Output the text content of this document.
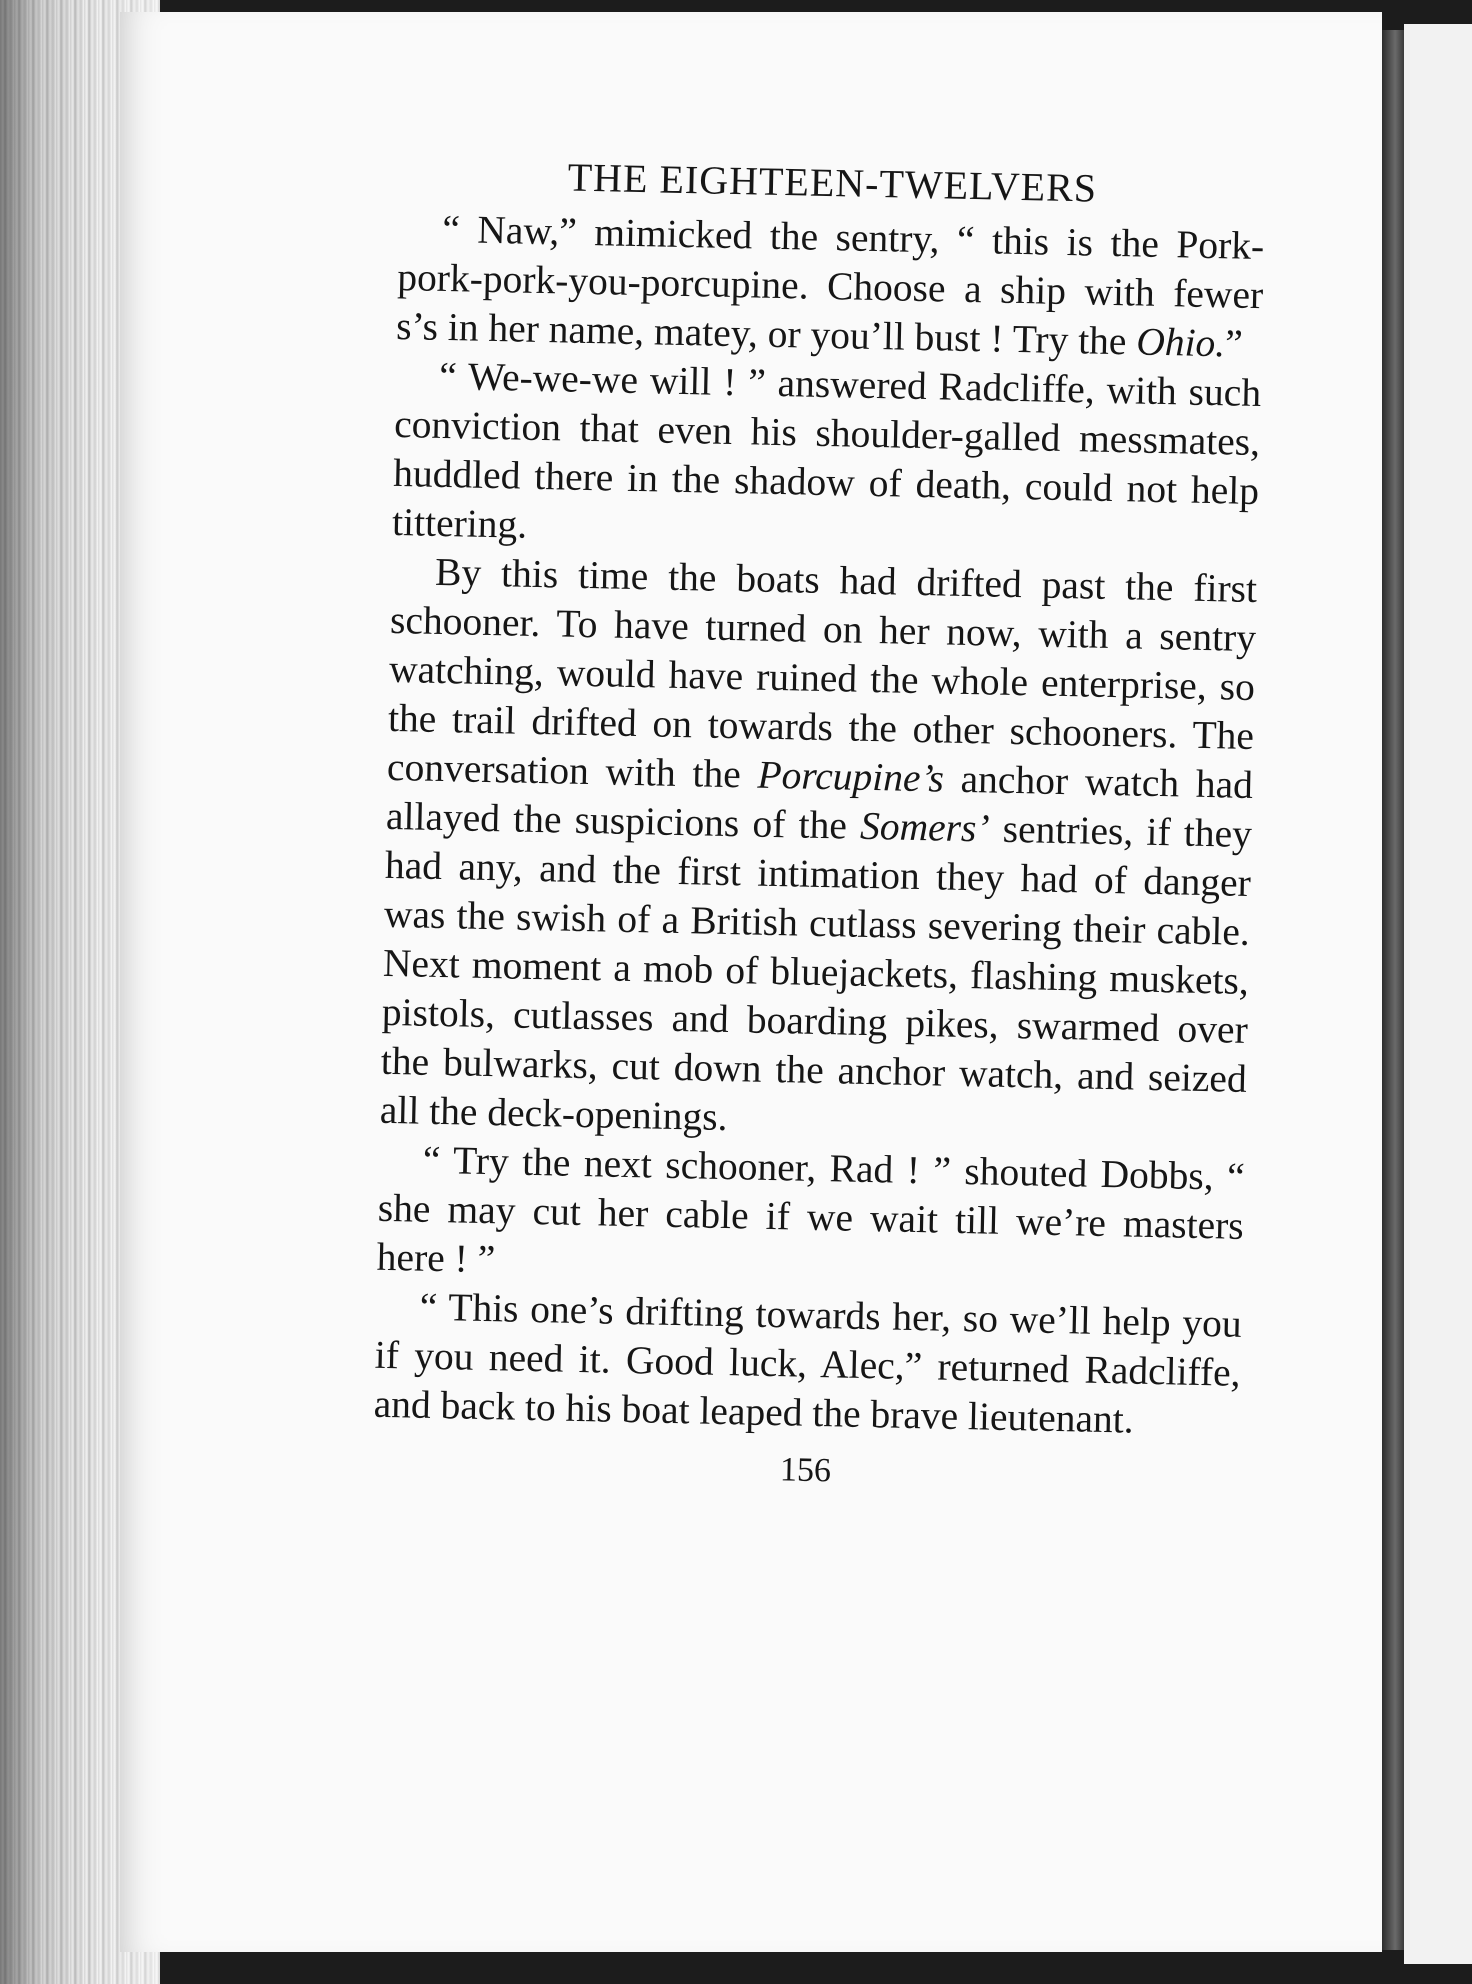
THE EIGHTEEN-TWELVERS

“ Naw,” mimicked the sentry, “ this is the Pork-pork-pork-you-porcupine. Choose a ship with fewer s’s in her name, matey, or you’ll bust ! Try the Ohio.”

“ We-we-we will ! ” answered Radcliffe, with such conviction that even his shoulder-galled messmates, huddled there in the shadow of death, could not help tittering.

By this time the boats had drifted past the first schooner. To have turned on her now, with a sentry watching, would have ruined the whole enterprise, so the trail drifted on towards the other schooners. The conversation with the Porcupine’s anchor watch had allayed the suspicions of the Somers’ sentries, if they had any, and the first intimation they had of danger was the swish of a British cutlass severing their cable. Next moment a mob of bluejackets, flashing muskets, pistols, cutlasses and boarding pikes, swarmed over the bulwarks, cut down the anchor watch, and seized all the deck-openings.

“ Try the next schooner, Rad ! ” shouted Dobbs, “ she may cut her cable if we wait till we’re masters here ! ”

“ This one’s drifting towards her, so we’ll help you if you need it. Good luck, Alec,” returned Radcliffe, and back to his boat leaped the brave lieutenant.

156
